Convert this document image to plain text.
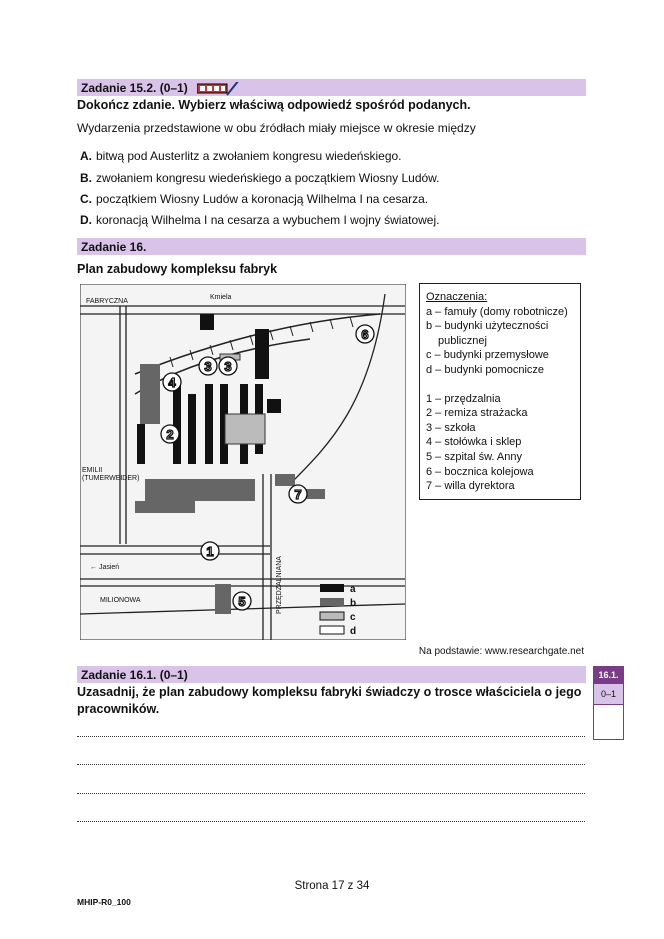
Zadanie 15.2. (0–1)
Dokończ zdanie. Wybierz właściwą odpowiedź spośród podanych.
Wydarzenia przedstawione w obu źródłach miały miejsce w okresie między
A. bitwą pod Austerlitz a zwołaniem kongresu wiedeńskiego.
B. zwołaniem kongresu wiedeńskiego a początkiem Wiosny Ludów.
C. początkiem Wiosny Ludów a koronacją Wilhelma I na cesarza.
D. koronacją Wilhelma I na cesarza a wybuchem I wojny światowej.
Zadanie 16.
Plan zabudowy kompleksu fabryk
6
3 3
4
2
7
1
5
FABRYCZNA
Kmiela
EMILII
(TUMERWEIDER)
← Jasień
MILIONOWA	PRZĘDZALNIANA	a
b
c
d
Oznaczenia:
a – famuły (domy robotnicze)
b – budynki użyteczności
publicznej
c – budynki przemysłowe
d – budynki pomocnicze
1 – przędzalnia
2 – remiza strażacka
3 – szkoła
4 – stołówka i sklep
5 – szpital św. Anny
6 – bocznica kolejowa
7 – willa dyrektora
Na podstawie: www.researchgate.net
Zadanie 16.1. (0–1)
Uzasadnij, że plan zabudowy kompleksu fabryki świadczy o trosce właściciela o jego
pracowników.
16.1.
0–1
Strona 17 z 34
MHIP-R0_100
